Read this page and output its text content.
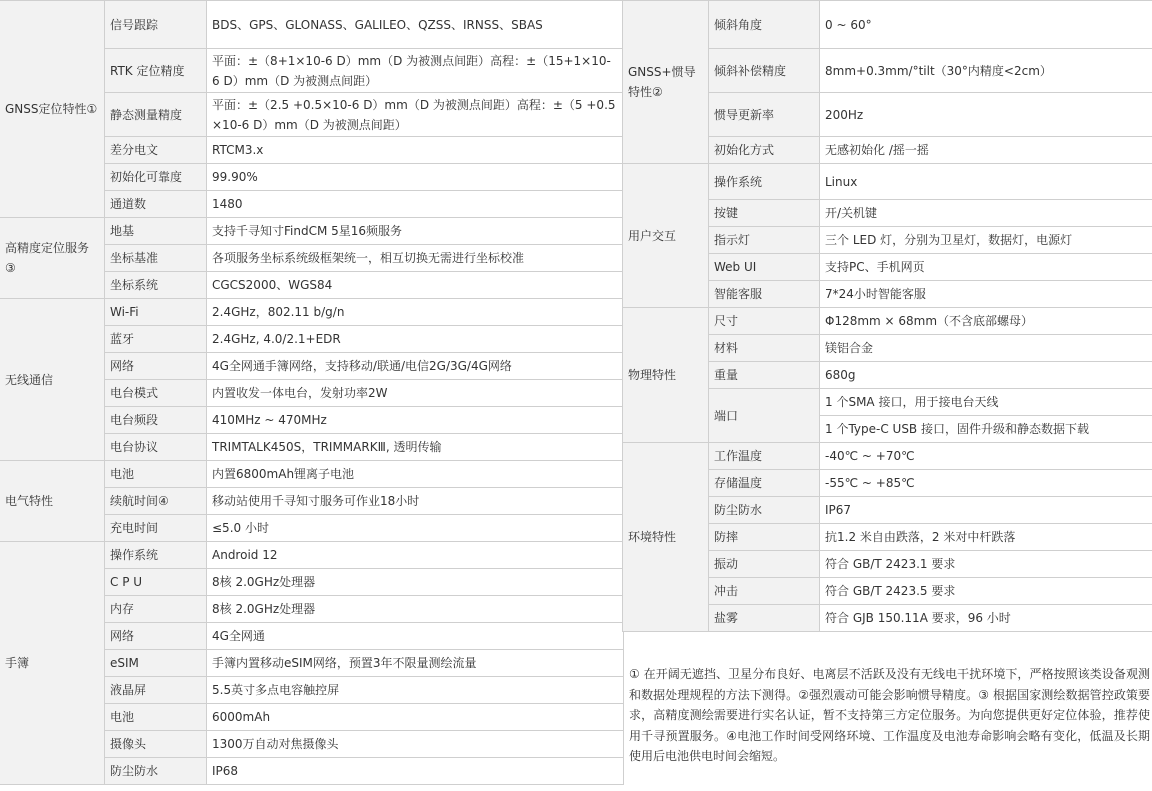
GNSS定位特性①	信号跟踪	BDS、GPS、GLONASS、GALILEO、QZSS、IRNSS、SBAS
	RTK 定位精度	平面：±（8+1×10-6 D）mm（D 为被测点间距）高程：±（15+1×10-6 D）mm（D 为被测点间距）
	静态测量精度	平面：±（2.5 +0.5×10-6 D）mm（D 为被测点间距）高程：±（5 +0.5×10-6 D）mm（D 为被测点间距）
	差分电文	RTCM3.x
	初始化可靠度	99.90%
	通道数	1480
高精度定位服务③	地基	支持千寻知寸FindCM 5星16频服务
	坐标基准	各项服务坐标系统级框架统一，相互切换无需进行坐标校准
	坐标系统	CGCS2000、WGS84
无线通信	Wi-Fi	2.4GHz，802.11 b/g/n
	蓝牙	2.4GHz, 4.0/2.1+EDR
	网络	4G全网通手簿网络，支持移动/联通/电信2G/3G/4G网络
	电台模式	内置收发一体电台，发射功率2W
	电台频段	410MHz ~ 470MHz
	电台协议	TRIMTALK450S，TRIMMARKⅢ, 透明传输
电气特性	电池	内置6800mAh锂离子电池
	续航时间④	移动站使用千寻知寸服务可作业18小时
	充电时间	≤5.0 小时
手簿	操作系统	Android 12
	C P U	8核 2.0GHz处理器
	内存	8核 2.0GHz处理器
	网络	4G全网通
	eSIM	手簿内置移动eSIM网络，预置3年不限量测绘流量
	液晶屏	5.5英寸多点电容触控屏
	电池	6000mAh
	摄像头	1300万自动对焦摄像头
	防尘防水	IP68
GNSS+惯导特性②	倾斜角度	0 ~ 60°
	倾斜补偿精度	8mm+0.3mm/°tilt（30°内精度<2cm）
	惯导更新率	200Hz
	初始化方式	无感初始化 /摇一摇
用户交互	操作系统	Linux
	按键	开/关机键
	指示灯	三个 LED 灯，分别为卫星灯，数据灯，电源灯
	Web UI	支持PC、手机网页
	智能客服	7*24小时智能客服
物理特性	尺寸	Φ128mm × 68mm（不含底部螺母）
	材料	镁铝合金
	重量	680g
	端口	1 个SMA 接口，用于接电台天线
		1 个Type-C USB 接口，固件升级和静态数据下载
环境特性	工作温度	-40℃ ~ +70℃
	存储温度	-55℃ ~ +85℃
	防尘防水	IP67
	防摔	抗1.2 米自由跌落，2 米对中杆跌落
	振动	符合 GB/T 2423.1 要求
	冲击	符合 GB/T 2423.5 要求
	盐雾	符合 GJB 150.11A 要求，96 小时
① 在开阔无遮挡、卫星分布良好、电离层不活跃及没有无线电干扰环境下，严格按照该类设备观测和数据处理规程的方法下测得。②强烈震动可能会影响惯导精度。③ 根据国家测绘数据管控政策要求，高精度测绘需要进行实名认证，暂不支持第三方定位服务。为向您提供更好定位体验，推荐使用千寻预置服务。④电池工作时间受网络环境、工作温度及电池寿命影响会略有变化，低温及长期使用后电池供电时间会缩短。
